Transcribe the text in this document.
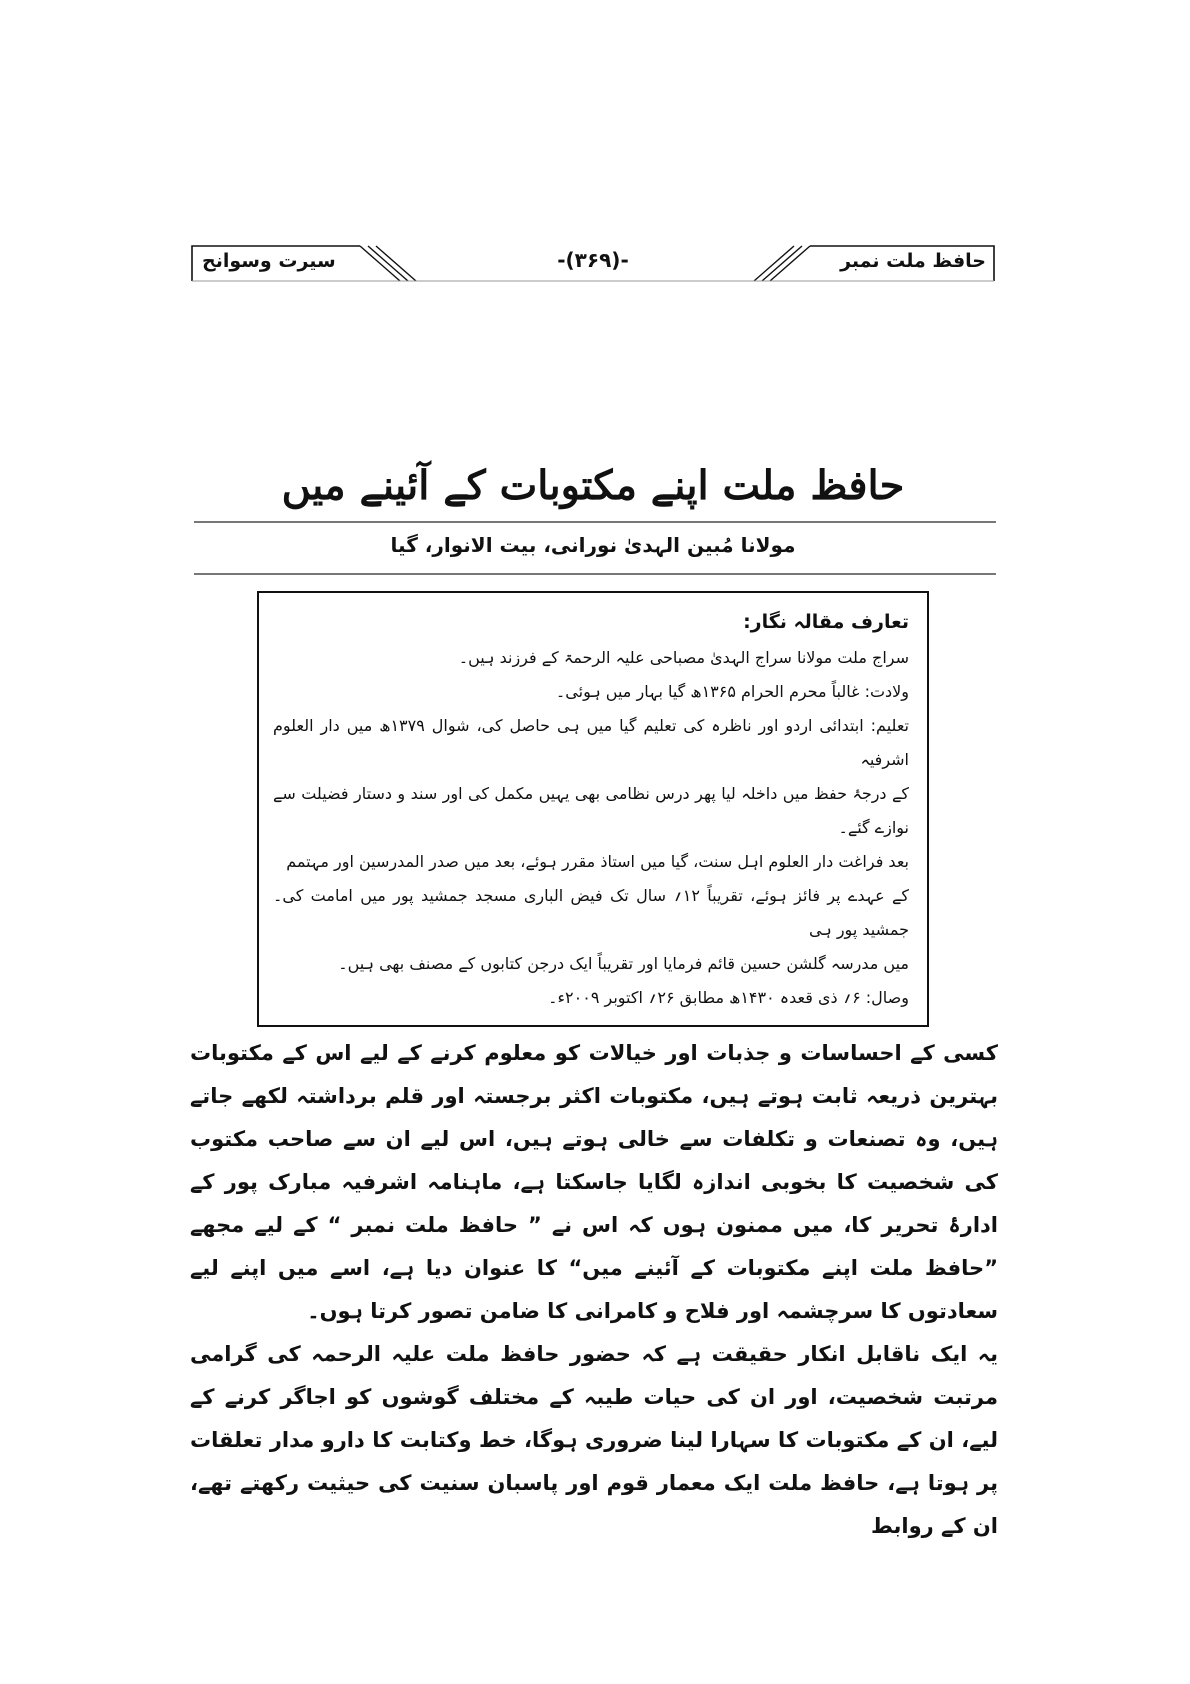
حافظ ملت نمبر
-(۳۶۹)-
سیرت وسوانح
حافظ ملت اپنے مکتوبات کے آئینے میں
مولانا مُبین الہدیٰ نورانی، بیت الانوار، گیا
تعارف مقالہ نگار:
سراج ملت مولانا سراج الہدیٰ مصباحی علیہ الرحمۃ کے فرزند ہیں۔
ولادت: غالباً محرم الحرام ۱۳۶۵ھ گیا بہار میں ہوئی۔
تعلیم: ابتدائی اردو اور ناظرہ کی تعلیم گیا میں ہی حاصل کی، شوال ۱۳۷۹ھ میں دار العلوم اشرفیہ
کے درجۂ حفظ میں داخلہ لیا پھر درس نظامی بھی یہیں مکمل کی اور سند و دستار فضیلت سے نوازے گئے۔
بعد فراغت دار العلوم اہل سنت، گیا میں استاذ مقرر ہوئے، بعد میں صدر المدرسین اور مہتمم
کے عہدے پر فائز ہوئے، تقریباً ۱۲؍ سال تک فیض الباری مسجد جمشید پور میں امامت کی۔ جمشید پور ہی
میں مدرسہ گلشن حسین قائم فرمایا اور تقریباً ایک درجن کتابوں کے مصنف بھی ہیں۔
وصال: ۶؍ ذی قعدہ ۱۴۳۰ھ مطابق ۲۶؍ اکتوبر ۲۰۰۹ء۔

کسی کے احساسات و جذبات اور خیالات کو معلوم کرنے کے لیے اس کے مکتوبات بہترین ذریعہ ثابت ہوتے ہیں، مکتوبات اکثر برجستہ اور قلم برداشتہ لکھے جاتے ہیں، وہ تصنعات و تکلفات سے خالی ہوتے ہیں، اس لیے ان سے صاحب مکتوب کی شخصیت کا بخوبی اندازہ لگایا جاسکتا ہے، ماہنامہ اشرفیہ مبارک پور کے ادارۂ تحریر کا، میں ممنون ہوں کہ اس نے ” حافظ ملت نمبر “ کے لیے مجھے ”حافظ ملت اپنے مکتوبات کے آئینے میں“ کا عنوان دیا ہے، اسے میں اپنے لیے سعادتوں کا سرچشمہ اور فلاح و کامرانی کا ضامن تصور کرتا ہوں۔

یہ ایک ناقابل انکار حقیقت ہے کہ حضور حافظ ملت علیہ الرحمہ کی گرامی مرتبت شخصیت، اور ان کی حیات طیبہ کے مختلف گوشوں کو اجاگر کرنے کے لیے، ان کے مکتوبات کا سہارا لینا ضروری ہوگا، خط وکتابت کا دارو مدار تعلقات پر ہوتا ہے، حافظ ملت ایک معمار قوم اور پاسبان سنیت کی حیثیت رکھتے تھے، ان کے روابط
